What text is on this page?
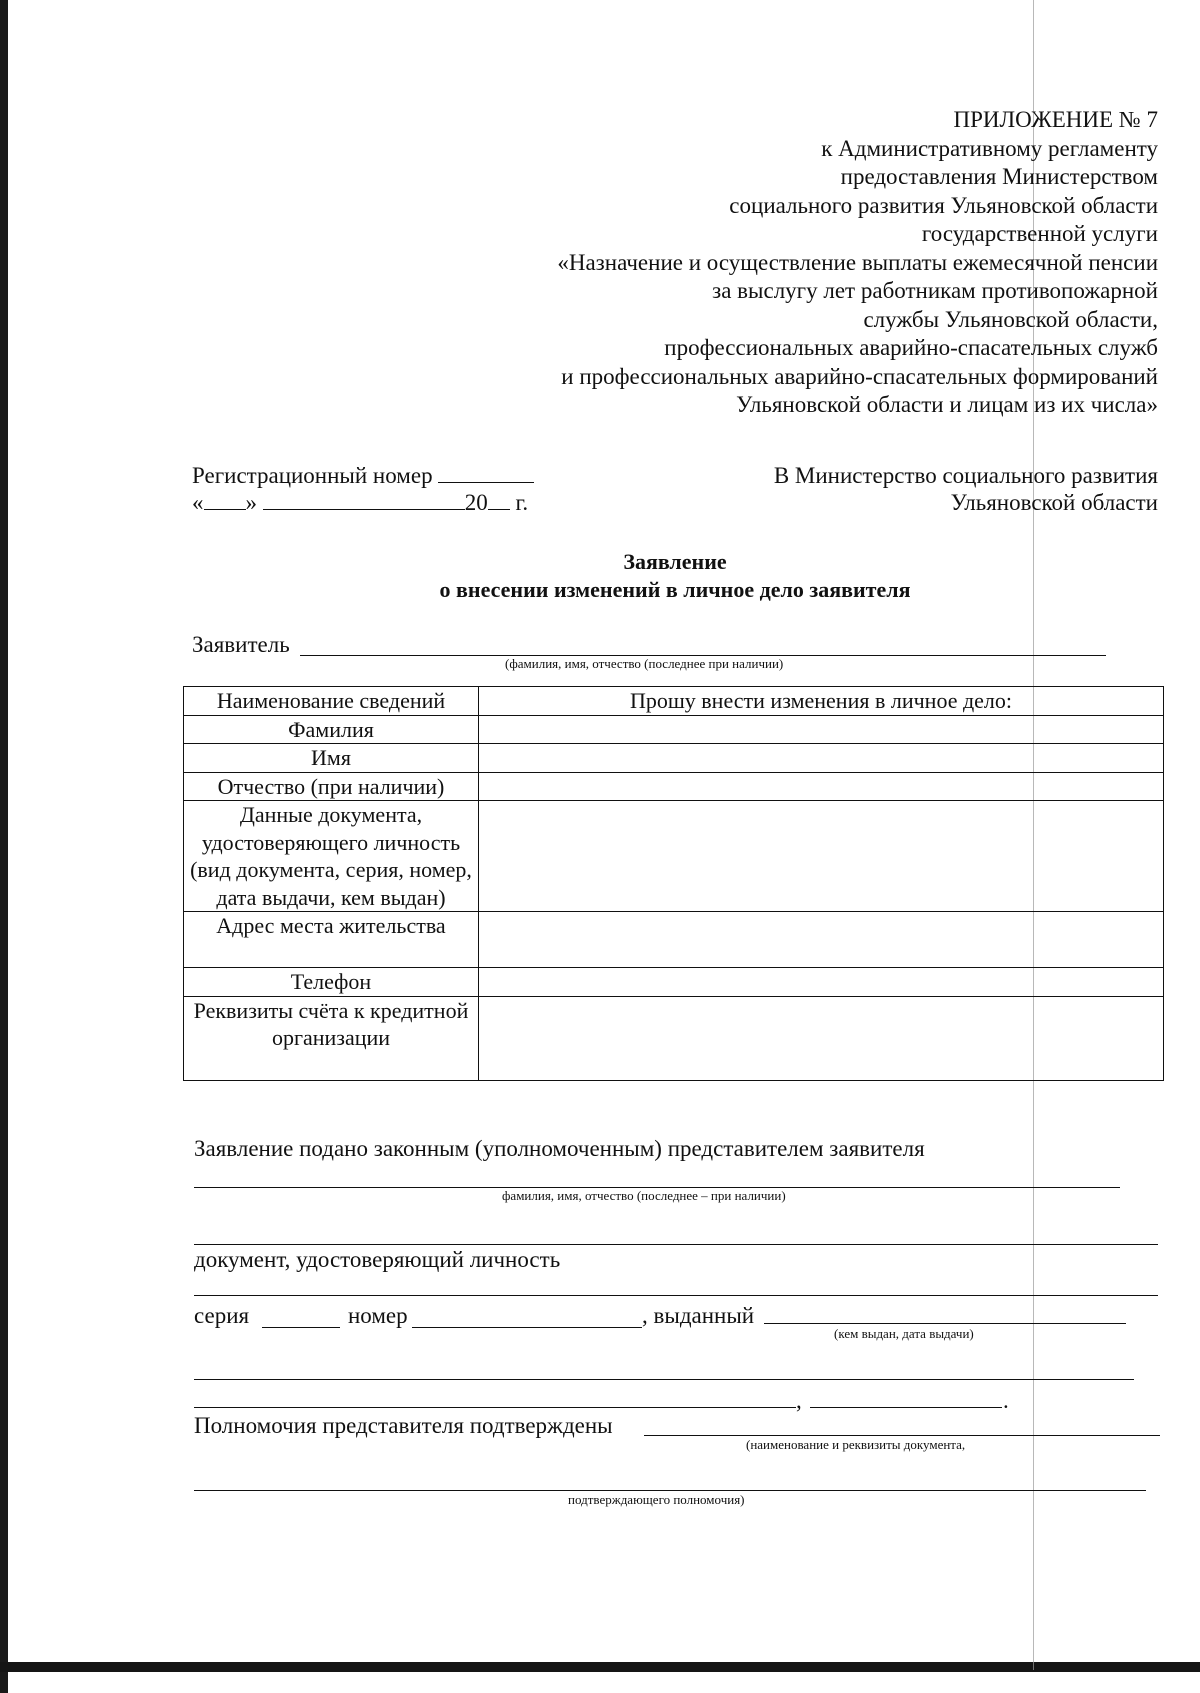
ПРИЛОЖЕНИЕ № 7
к Административному регламенту
предоставления Министерством
социального развития Ульяновской области
государственной услуги
«Назначение и осуществление выплаты ежемесячной пенсии
за выслугу лет работникам противопожарной
службы Ульяновской области,
профессиональных аварийно-спасательных служб
и профессиональных аварийно-спасательных формирований
Ульяновской области и лицам из их числа»
Регистрационный номер
« »	20 г.
В Министерство социального развития
Ульяновской области
Заявление
о внесении изменений в личное дело заявителя
Заявитель
(фамилия, имя, отчество (последнее при наличии)
Наименование сведений	Прошу внести изменения в личное дело:
Фамилия	
Имя	
Отчество (при наличии)	
Данные документа, удостоверяющего личность (вид документа, серия, номер, дата выдачи, кем выдан)	
Адрес места жительства	
Телефон	
Реквизиты счёта к кредитной организации	
Заявление подано законным (уполномоченным) представителем заявителя
фамилия, имя, отчество (последнее – при наличии)
документ, удостоверяющий личность
серия	номер	, выданный
(кем выдан, дата выдачи)
,	.
Полномочия представителя подтверждены
(наименование и реквизиты документа,
подтверждающего полномочия)
